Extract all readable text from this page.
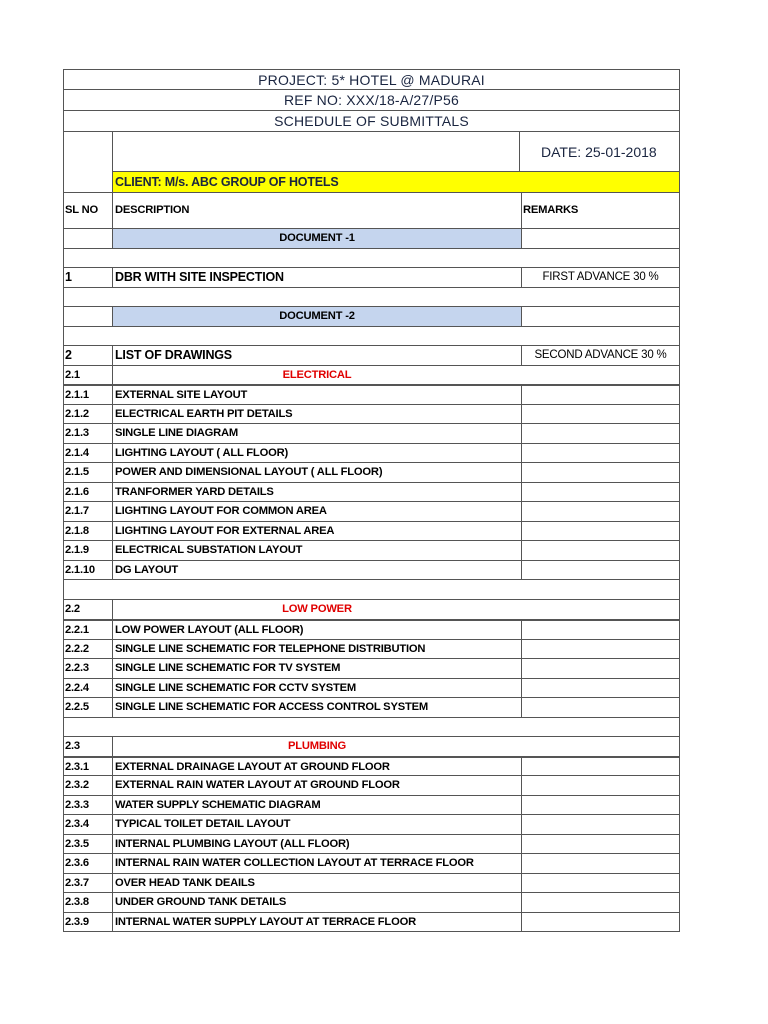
PROJECT: 5* HOTEL @ MADURAI
REF NO: XXX/18-A/27/P56
SCHEDULE OF SUBMITTALS
DATE: 25-01-2018
CLIENT: M/s. ABC GROUP OF HOTELS
SL NO	DESCRIPTION	REMARKS
DOCUMENT -1
1	DBR WITH SITE INSPECTION	FIRST ADVANCE 30 %
DOCUMENT -2
2	LIST OF DRAWINGS	SECOND ADVANCE 30 %
2.1	ELECTRICAL
2.1.1	EXTERNAL SITE LAYOUT
2.1.2	ELECTRICAL EARTH PIT DETAILS
2.1.3	SINGLE LINE DIAGRAM
2.1.4	LIGHTING LAYOUT ( ALL FLOOR)
2.1.5	POWER AND DIMENSIONAL LAYOUT ( ALL FLOOR)
2.1.6	TRANFORMER YARD DETAILS
2.1.7	LIGHTING LAYOUT FOR COMMON AREA
2.1.8	LIGHTING LAYOUT FOR EXTERNAL AREA
2.1.9	ELECTRICAL SUBSTATION LAYOUT
2.1.10	DG LAYOUT
2.2	LOW POWER
2.2.1	LOW POWER LAYOUT (ALL FLOOR)
2.2.2	SINGLE LINE SCHEMATIC FOR TELEPHONE DISTRIBUTION
2.2.3	SINGLE LINE SCHEMATIC FOR TV SYSTEM
2.2.4	SINGLE LINE SCHEMATIC FOR CCTV SYSTEM
2.2.5	SINGLE LINE SCHEMATIC FOR ACCESS CONTROL SYSTEM
2.3	PLUMBING
2.3.1	EXTERNAL DRAINAGE LAYOUT AT GROUND FLOOR
2.3.2	EXTERNAL RAIN WATER LAYOUT AT GROUND FLOOR
2.3.3	WATER SUPPLY SCHEMATIC DIAGRAM
2.3.4	TYPICAL TOILET DETAIL LAYOUT
2.3.5	INTERNAL PLUMBING LAYOUT (ALL FLOOR)
2.3.6	INTERNAL RAIN WATER COLLECTION LAYOUT AT TERRACE FLOOR
2.3.7	OVER HEAD TANK DEAILS
2.3.8	UNDER GROUND TANK DETAILS
2.3.9	INTERNAL WATER SUPPLY LAYOUT AT TERRACE FLOOR
